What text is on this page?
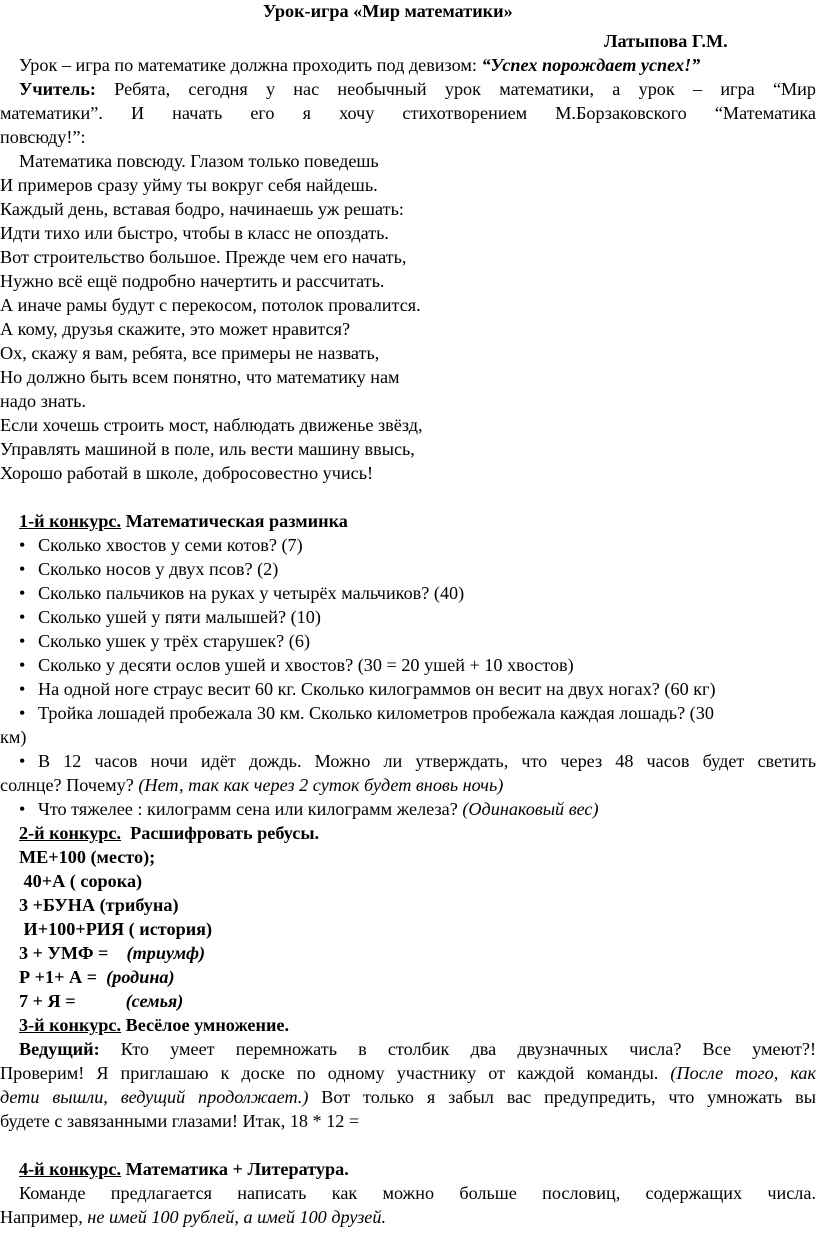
Урок-игра «Мир математики»
Латыпова Г.М.
Урок – игра по математике должна проходить под девизом: “Успех порождает успех!”
Учитель: Ребята, сегодня у нас необычный урок математики, а урок – игра “Мир
математики”. И начать его я хочу стихотворением М.Борзаковского “Математика
повсюду!”:
Математика повсюду. Глазом только поведешь
И примеров сразу уйму ты вокруг себя найдешь.
Каждый день, вставая бодро, начинаешь уж решать:
Идти тихо или быстро, чтобы в класс не опоздать.
Вот строительство большое. Прежде чем его начать,
Нужно всё ещё подробно начертить и рассчитать.
А иначе рамы будут с перекосом, потолок провалится.
А кому, друзья скажите, это может нравится?
Ох, скажу я вам, ребята, все примеры не назвать,
Но должно быть всем понятно, что математику нам
надо знать.
Если хочешь строить мост, наблюдать движенье звёзд,
Управлять машиной в поле, иль вести машину ввысь,
Хорошо работай в школе, добросовестно учись!
1-й конкурс. Математическая разминка
• Сколько хвостов у семи котов? (7)
• Сколько носов у двух псов? (2)
• Сколько пальчиков на руках у четырёх мальчиков? (40)
• Сколько ушей у пяти малышей? (10)
• Сколько ушек у трёх старушек? (6)
• Сколько у десяти ослов ушей и хвостов? (30 = 20 ушей + 10 хвостов)
• На одной ноге страус весит 60 кг. Сколько килограммов он весит на двух ногах? (60 кг)
• Тройка лошадей пробежала 30 км. Сколько километров пробежала каждая лошадь? (30
км)
• В 12 часов ночи идёт дождь. Можно ли утверждать, что через 48 часов будет светить
солнце? Почему? (Нет, так как через 2 суток будет вновь ночь)
• Что тяжелее : килограмм сена или килограмм железа? (Одинаковый вес)
2-й конкурс.  Расшифровать ребусы.
МЕ+100 (место);
40+А ( сорока)
3 +БУНА (трибуна)
И+100+РИЯ ( история)
3 + УМФ =    (триумф)
Р +1+ А =  (родина)
7 + Я =           (семья)
3-й конкурс. Весёлое умножение.
Ведущий: Кто умеет перемножать в столбик два двузначных числа? Все умеют?!
Проверим! Я приглашаю к доске по одному участнику от каждой команды. (После того, как
дети вышли, ведущий продолжает.) Вот только я забыл вас предупредить, что умножать вы
будете с завязанными глазами! Итак, 18 * 12 =
4-й конкурс. Математика + Литература.
Команде предлагается написать как можно больше пословиц, содержащих числа.
Например, не имей 100 рублей, а имей 100 друзей.
